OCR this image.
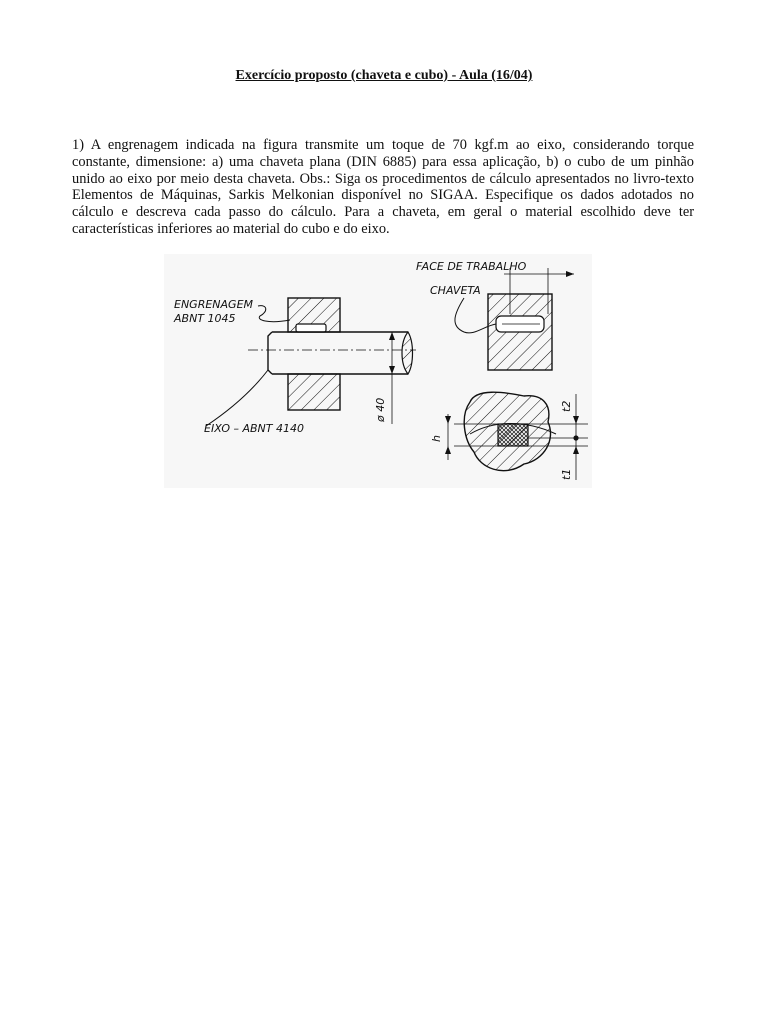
Exercício proposto (chaveta e cubo) - Aula (16/04)
1) A engrenagem indicada na figura transmite um toque de 70 kgf.m ao eixo, considerando torque constante, dimensione: a) uma chaveta plana (DIN 6885) para essa aplicação, b) o cubo de um pinhão unido ao eixo por meio desta chaveta. Obs.: Siga os procedimentos de cálculo apresentados no livro-texto Elementos de Máquinas, Sarkis Melkonian disponível no SIGAA. Especifique os dados adotados no cálculo e descreva cada passo do cálculo. Para a chaveta, em geral o material escolhido deve ter características inferiores ao material do cubo e do eixo.
ø 40
ENGRENAGEM
ABNT 1045
EIXO – ABNT 4140
FACE DE TRABALHO
CHAVETA
h
t2
t1
